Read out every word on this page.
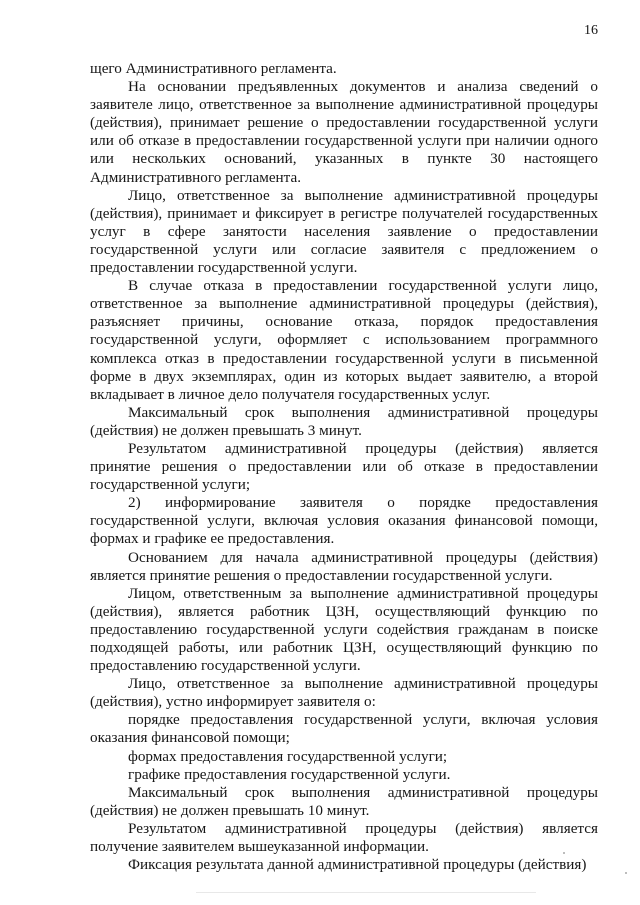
16

щего Административного регламента.

На основании предъявленных документов и анализа сведений о заявителе лицо, ответственное за выполнение административной процедуры (действия), принимает решение о предоставлении государственной услуги или об отказе в предоставлении государственной услуги при наличии одного или нескольких оснований, указанных в пункте 30 настоящего Административного регламента.

Лицо, ответственное за выполнение административной процедуры (действия), принимает и фиксирует в регистре получателей государственных услуг в сфере занятости населения заявление о предоставлении государственной услуги или согласие заявителя с предложением о предоставлении государственной услуги.

В случае отказа в предоставлении государственной услуги лицо, ответственное за выполнение административной процедуры (действия), разъясняет причины, основание отказа, порядок предоставления государственной услуги, оформляет с использованием программного комплекса отказ в предоставлении государственной услуги в письменной форме в двух экземплярах, один из которых выдает заявителю, а второй вкладывает в личное дело получателя государственных услуг.

Максимальный срок выполнения административной процедуры (действия) не должен превышать 3 минут.

Результатом административной процедуры (действия) является принятие решения о предоставлении или об отказе в предоставлении государственной услуги;

2) информирование заявителя о порядке предоставления государственной услуги, включая условия оказания финансовой помощи, формах и графике ее предоставления.

Основанием для начала административной процедуры (действия) является принятие решения о предоставлении государственной услуги.

Лицом, ответственным за выполнение административной процедуры (действия), является работник ЦЗН, осуществляющий функцию по предоставлению государственной услуги содействия гражданам в поиске подходящей работы, или работник ЦЗН, осуществляющий функцию по предоставлению государственной услуги.

Лицо, ответственное за выполнение административной процедуры (действия), устно информирует заявителя о:

порядке предоставления государственной услуги, включая условия оказания финансовой помощи;

формах предоставления государственной услуги;

графике предоставления государственной услуги.

Максимальный срок выполнения административной процедуры (действия) не должен превышать 10 минут.

Результатом административной процедуры (действия) является получение заявителем вышеуказанной информации.

Фиксация результата данной административной процедуры (действия)
